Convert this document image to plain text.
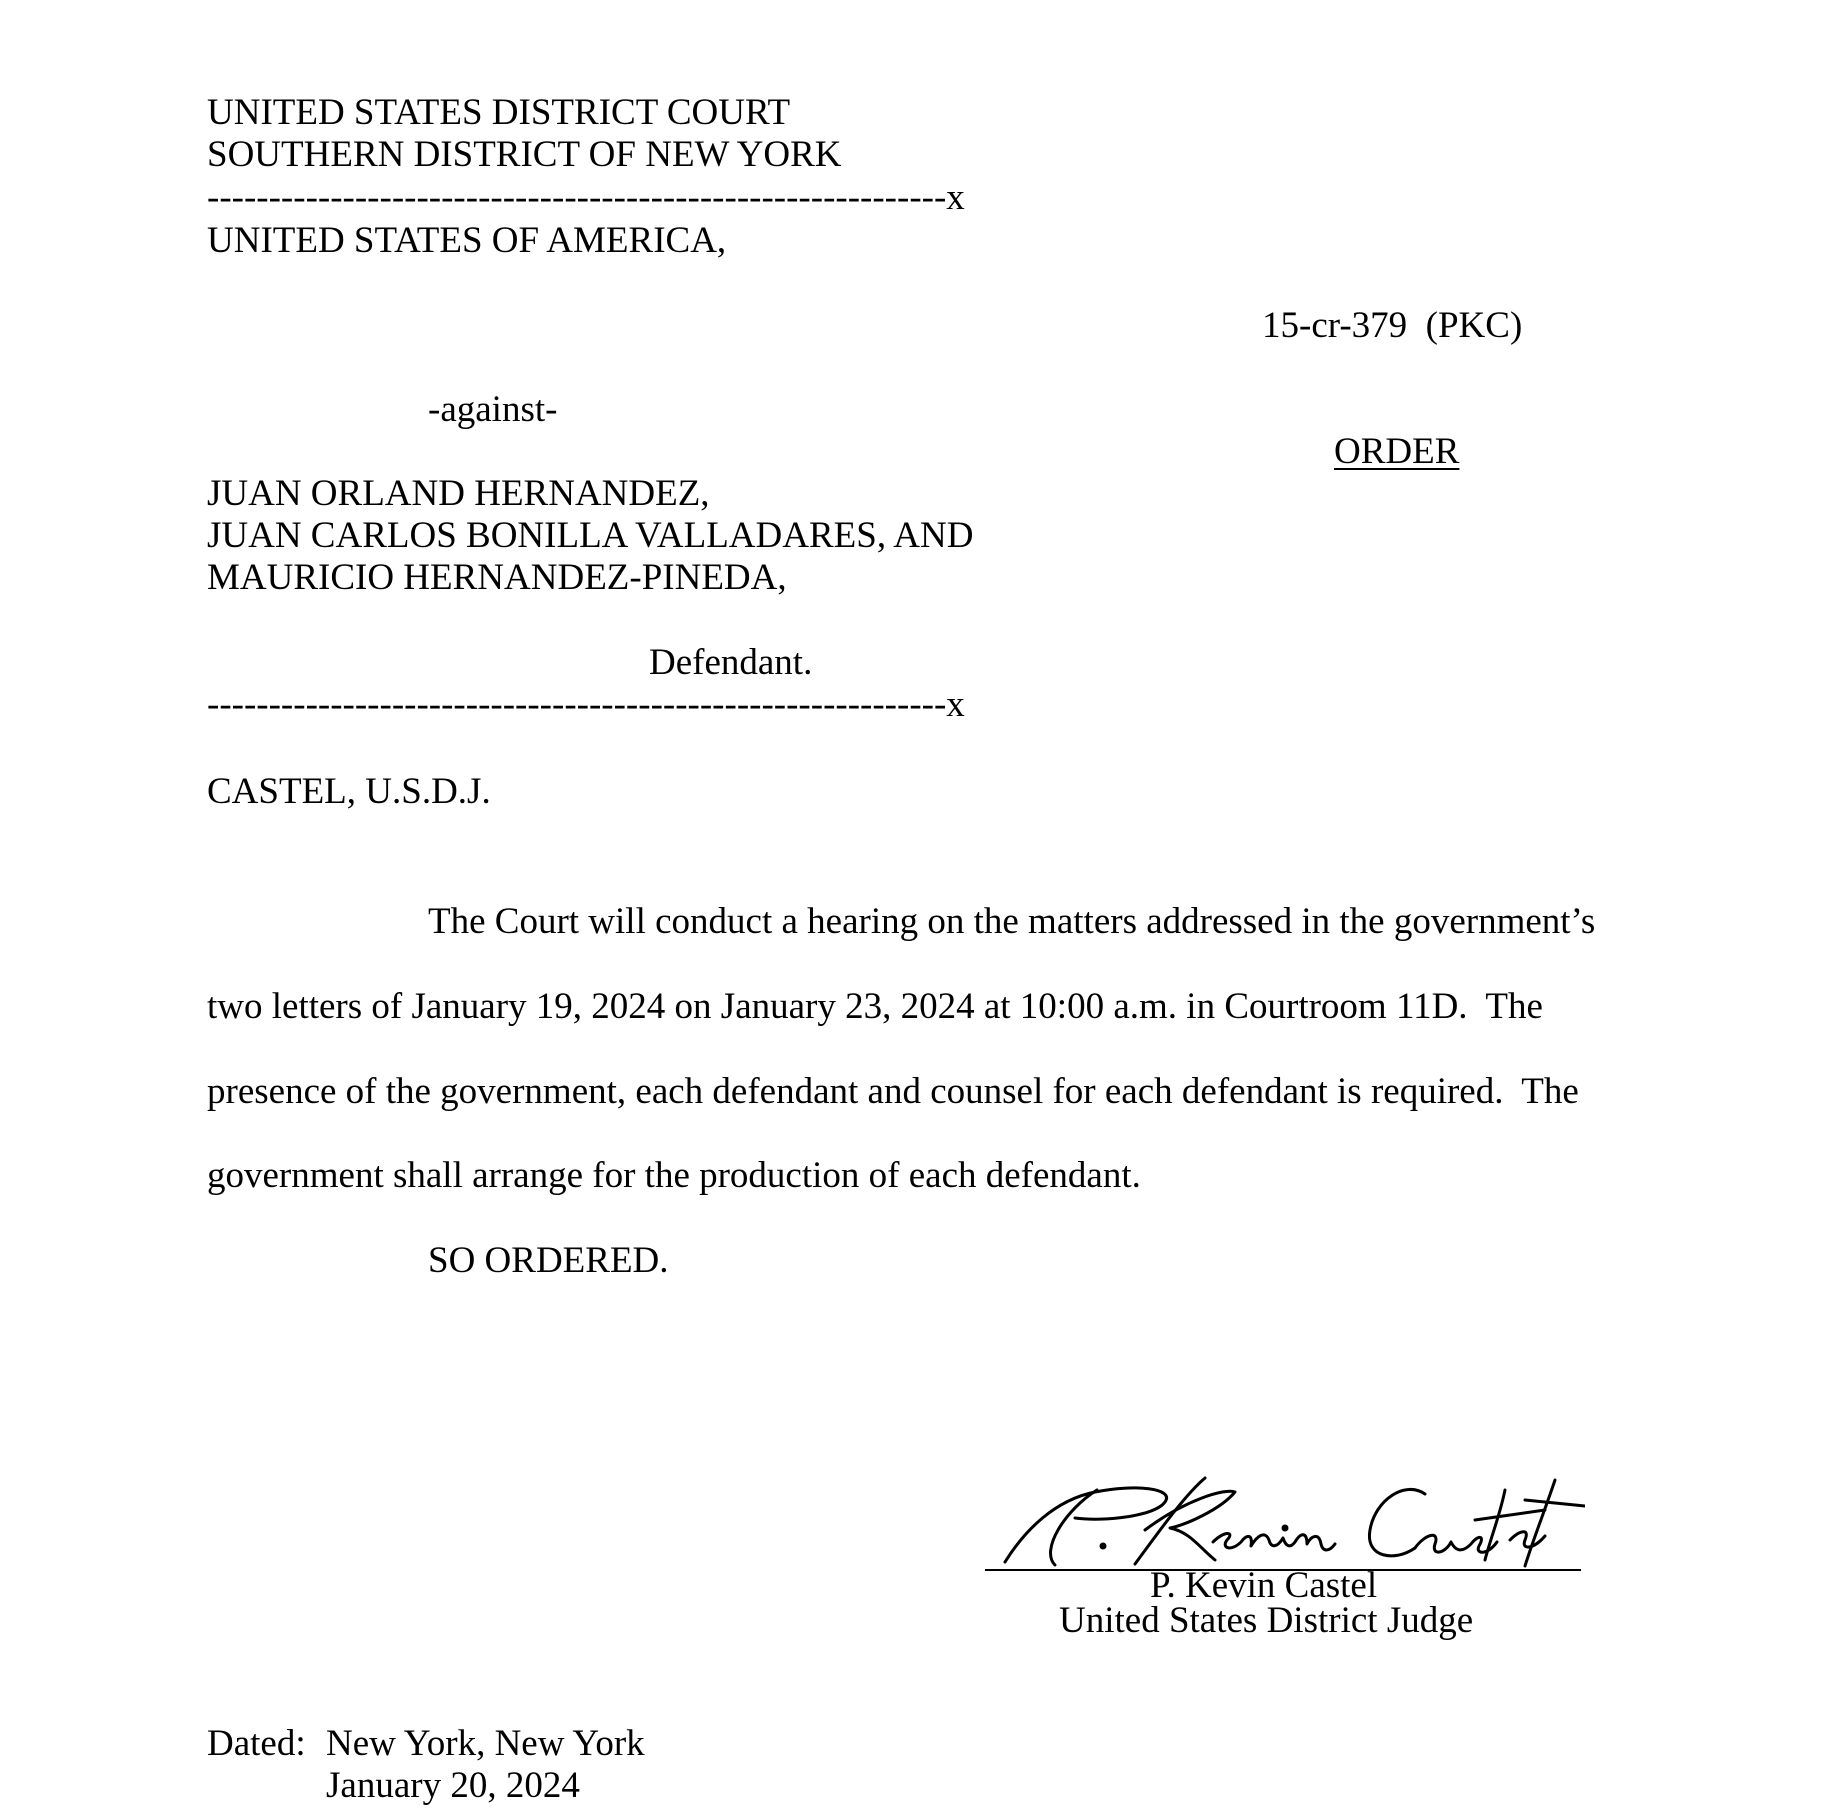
UNITED STATES DISTRICT COURT

SOUTHERN DISTRICT OF NEW YORK

------------------------------------------------------------x

UNITED STATES OF AMERICA,

15-cr-379  (PKC)

-against-

ORDER

JUAN ORLAND HERNANDEZ,

JUAN CARLOS BONILLA VALLADARES, AND

MAURICIO HERNANDEZ-PINEDA,

Defendant.

------------------------------------------------------------x

CASTEL, U.S.D.J.

The Court will conduct a hearing on the matters addressed in the government’s

two letters of January 19, 2024 on January 23, 2024 at 10:00 a.m. in Courtroom 11D.  The

presence of the government, each defendant and counsel for each defendant is required.  The

government shall arrange for the production of each defendant.

SO ORDERED.

P. Kevin Castel

United States District Judge

Dated: New York, New York

January 20, 2024
